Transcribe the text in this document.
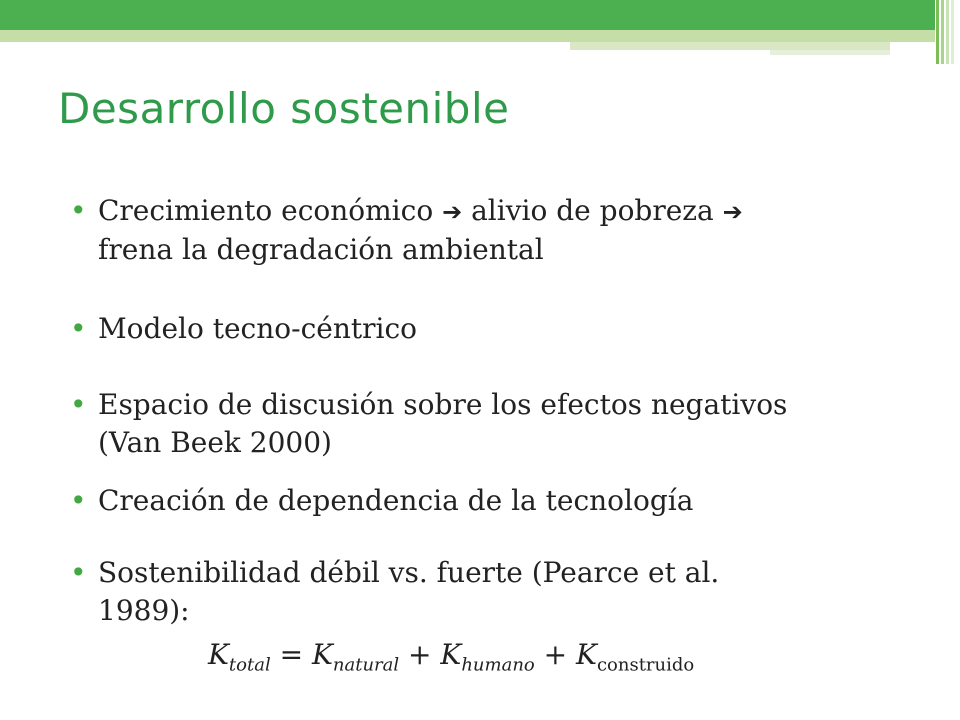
Desarrollo sostenible
• Crecimiento económico ➔ alivio de pobreza ➔
frena la degradación ambiental
• Modelo tecno-céntrico
• Espacio de discusión sobre los efectos negativos
(Van Beek 2000)
• Creación de dependencia de la tecnología
• Sostenibilidad débil vs. fuerte (Pearce et al.
1989):
$K_{total} = K_{natural} + K_{humano} + K_{construido}$
